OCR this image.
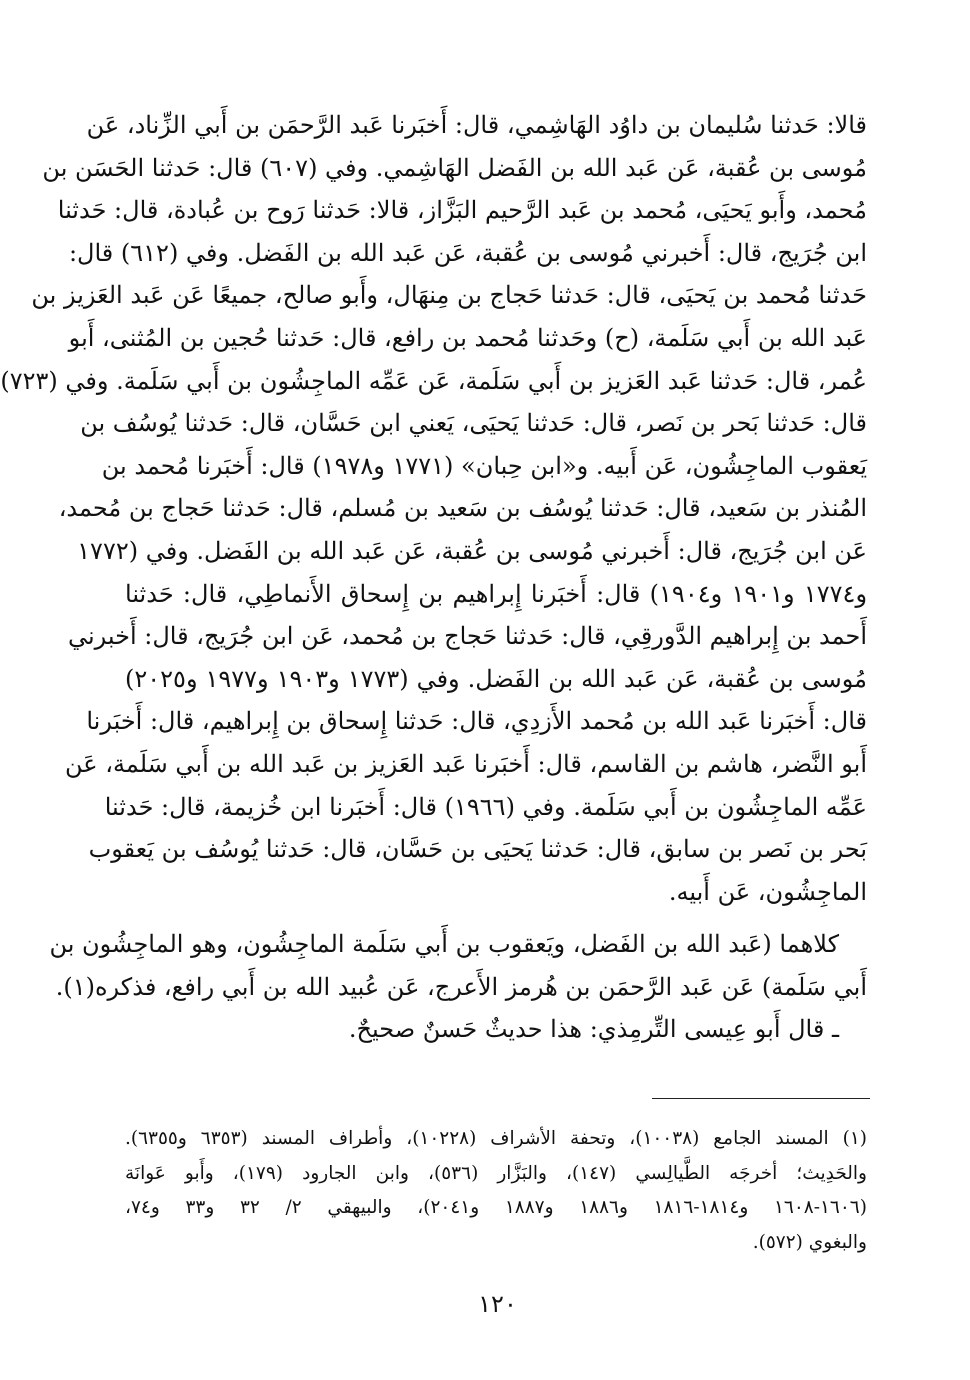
قالا: حَدثنا سُليمان بن داوُد الهَاشِمي، قال: أَخبَرنا عَبد الرَّحمَن بن أَبي الزِّناد، عَن
مُوسى بن عُقبة، عَن عَبد الله بن الفَضل الهَاشِمي. وفي (٦٠٧) قال: حَدثنا الحَسَن بن
مُحمد، وأَبو يَحيَى، مُحمد بن عَبد الرَّحيم البَزَّاز، قالا: حَدثنا رَوح بن عُبادة، قال: حَدثنا
ابن جُرَيج، قال: أَخبرني مُوسى بن عُقبة، عَن عَبد الله بن الفَضل. وفي (٦١٢) قال:
حَدثنا مُحمد بن يَحيَى، قال: حَدثنا حَجاج بن مِنهَال، وأَبو صالح، جميعًا عَن عَبد العَزيز بن
عَبد الله بن أَبي سَلَمة، (ح) وحَدثنا مُحمد بن رافع، قال: حَدثنا حُجين بن المُثنى، أَبو
عُمر، قال: حَدثنا عَبد العَزيز بن أَبي سَلَمة، عَن عَمِّه الماجِشُون بن أَبي سَلَمة. وفي (٧٢٣)
قال: حَدثنا بَحر بن نَصر، قال: حَدثنا يَحيَى، يَعني ابن حَسَّان، قال: حَدثنا يُوسُف بن
يَعقوب الماجِشُون، عَن أَبيه. و«ابن حِبان» (١٧٧١ و١٩٧٨) قال: أَخبَرنا مُحمد بن
المُنذر بن سَعيد، قال: حَدثنا يُوسُف بن سَعيد بن مُسلم، قال: حَدثنا حَجاج بن مُحمد،
عَن ابن جُرَيج، قال: أَخبرني مُوسى بن عُقبة، عَن عَبد الله بن الفَضل. وفي (١٧٧٢
و١٧٧٤ و١٩٠١ و١٩٠٤) قال: أَخبَرنا إِبراهيم بن إِسحاق الأَنماطِي، قال: حَدثنا
أَحمد بن إِبراهيم الدَّورقِي، قال: حَدثنا حَجاج بن مُحمد، عَن ابن جُرَيج، قال: أَخبرني
مُوسى بن عُقبة، عَن عَبد الله بن الفَضل. وفي (١٧٧٣ و١٩٠٣ و١٩٧٧ و٢٠٢٥)
قال: أَخبَرنا عَبد الله بن مُحمد الأَزدِي، قال: حَدثنا إِسحاق بن إِبراهيم، قال: أَخبَرنا
أَبو النَّضر، هاشم بن القاسم، قال: أَخبَرنا عَبد العَزيز بن عَبد الله بن أَبي سَلَمة، عَن
عَمِّه الماجِشُون بن أَبي سَلَمة. وفي (١٩٦٦) قال: أَخبَرنا ابن خُزيمة، قال: حَدثنا
بَحر بن نَصر بن سابق، قال: حَدثنا يَحيَى بن حَسَّان، قال: حَدثنا يُوسُف بن يَعقوب
الماجِشُون، عَن أَبيه.
كلاهما (عَبد الله بن الفَضل، ويَعقوب بن أَبي سَلَمة الماجِشُون، وهو الماجِشُون بن
أَبي سَلَمة) عَن عَبد الرَّحمَن بن هُرمز الأَعرج، عَن عُبيد الله بن أَبي رافع، فذكره(١).
ـ قال أَبو عِيسى التِّرمِذي: هذا حديثٌ حَسنٌ صحيحٌ.
(١) المسند الجامع (١٠٠٣٨)، وتحفة الأشراف (١٠٢٢٨)، وأطراف المسند (٦٣٥٣ و٦٣٥٥).
والحَدِيث؛ أخرجَه الطَّيالِسي (١٤٧)، والبَزَّار (٥٣٦)، وابن الجارود (١٧٩)، وأَبو عَوانَة
(١٦٠٦-١٦٠٨ و١٨١٤-١٨١٦ و١٨٨٦ و١٨٨٧ و٢٠٤١)، والبيهقي ٢/ ٣٢ و٣٣ و٧٤،
والبغوي (٥٧٢).
١٢٠
